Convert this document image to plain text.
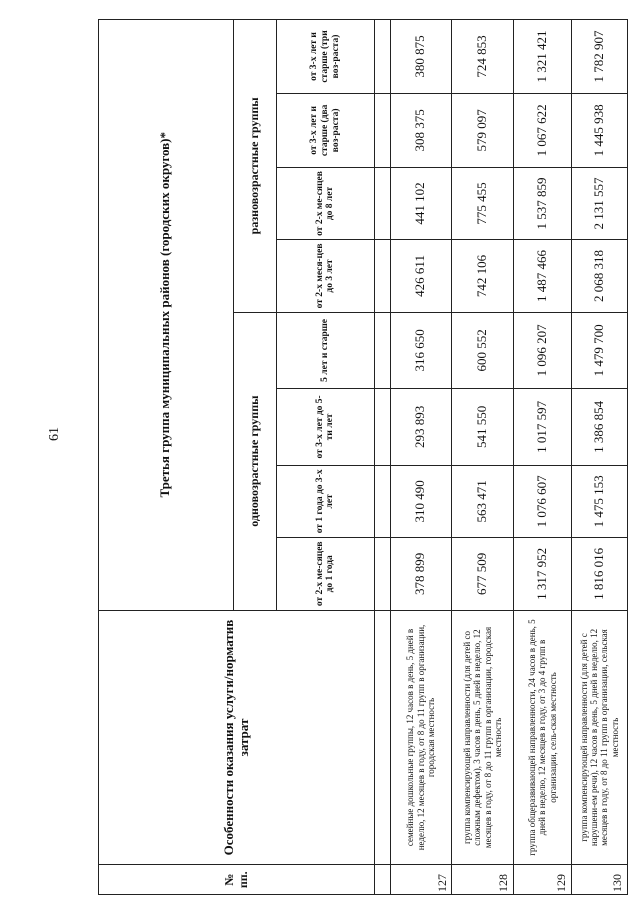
61
№ пп.	Особенности оказания услуги/норматив затрат	Третья группа муниципальных районов (городских округов)*							
		одновозрастные группы				разновозрастные группы			
		от 2-х ме-сяцев до 1 года	от 1 года до 3-х лет	от 3-х лет до 5-ти лет	5 лет и старше	от 2-х меся-цев до 3 лет	от 2-х ме-сяцев до 8 лет	от 3-х лет и старше (два воз-раста)	от 3-х лет и старше (три воз-раста)

127	семейные дошкольные группы, 12 часов в день, 5 дней в неделю, 12 месяцев в году, от 8 до 11 групп в организации, городская местность	378 899	310 490	293 893	316 650	426 611	441 102	308 375	380 875
128	группа компенсирующей направленности (для детей со сложным дефектом), 3 часов в день, 5 дней в неделю, 12 месяцев в году, от 8 до 11 групп в организации, городская местность	677 509	563 471	541 550	600 552	742 106	775 455	579 097	724 853
129	группа общеразвивающей направленности, 24 часов в день, 5 дней в неделю, 12 месяцев в году, от 3 до 4 групп в организации, сель-ская местность	1 317 952	1 076 607	1 017 597	1 096 207	1 487 466	1 537 859	1 067 622	1 321 421
130	группа компенсирующей направленности (для детей с нарушени-ем речи), 12 часов в день, 5 дней в неделю, 12 месяцев в году, от 8 до 11 групп в организации, сельская местность	1 816 016	1 475 153	1 386 854	1 479 700	2 068 318	2 131 557	1 445 938	1 782 907
